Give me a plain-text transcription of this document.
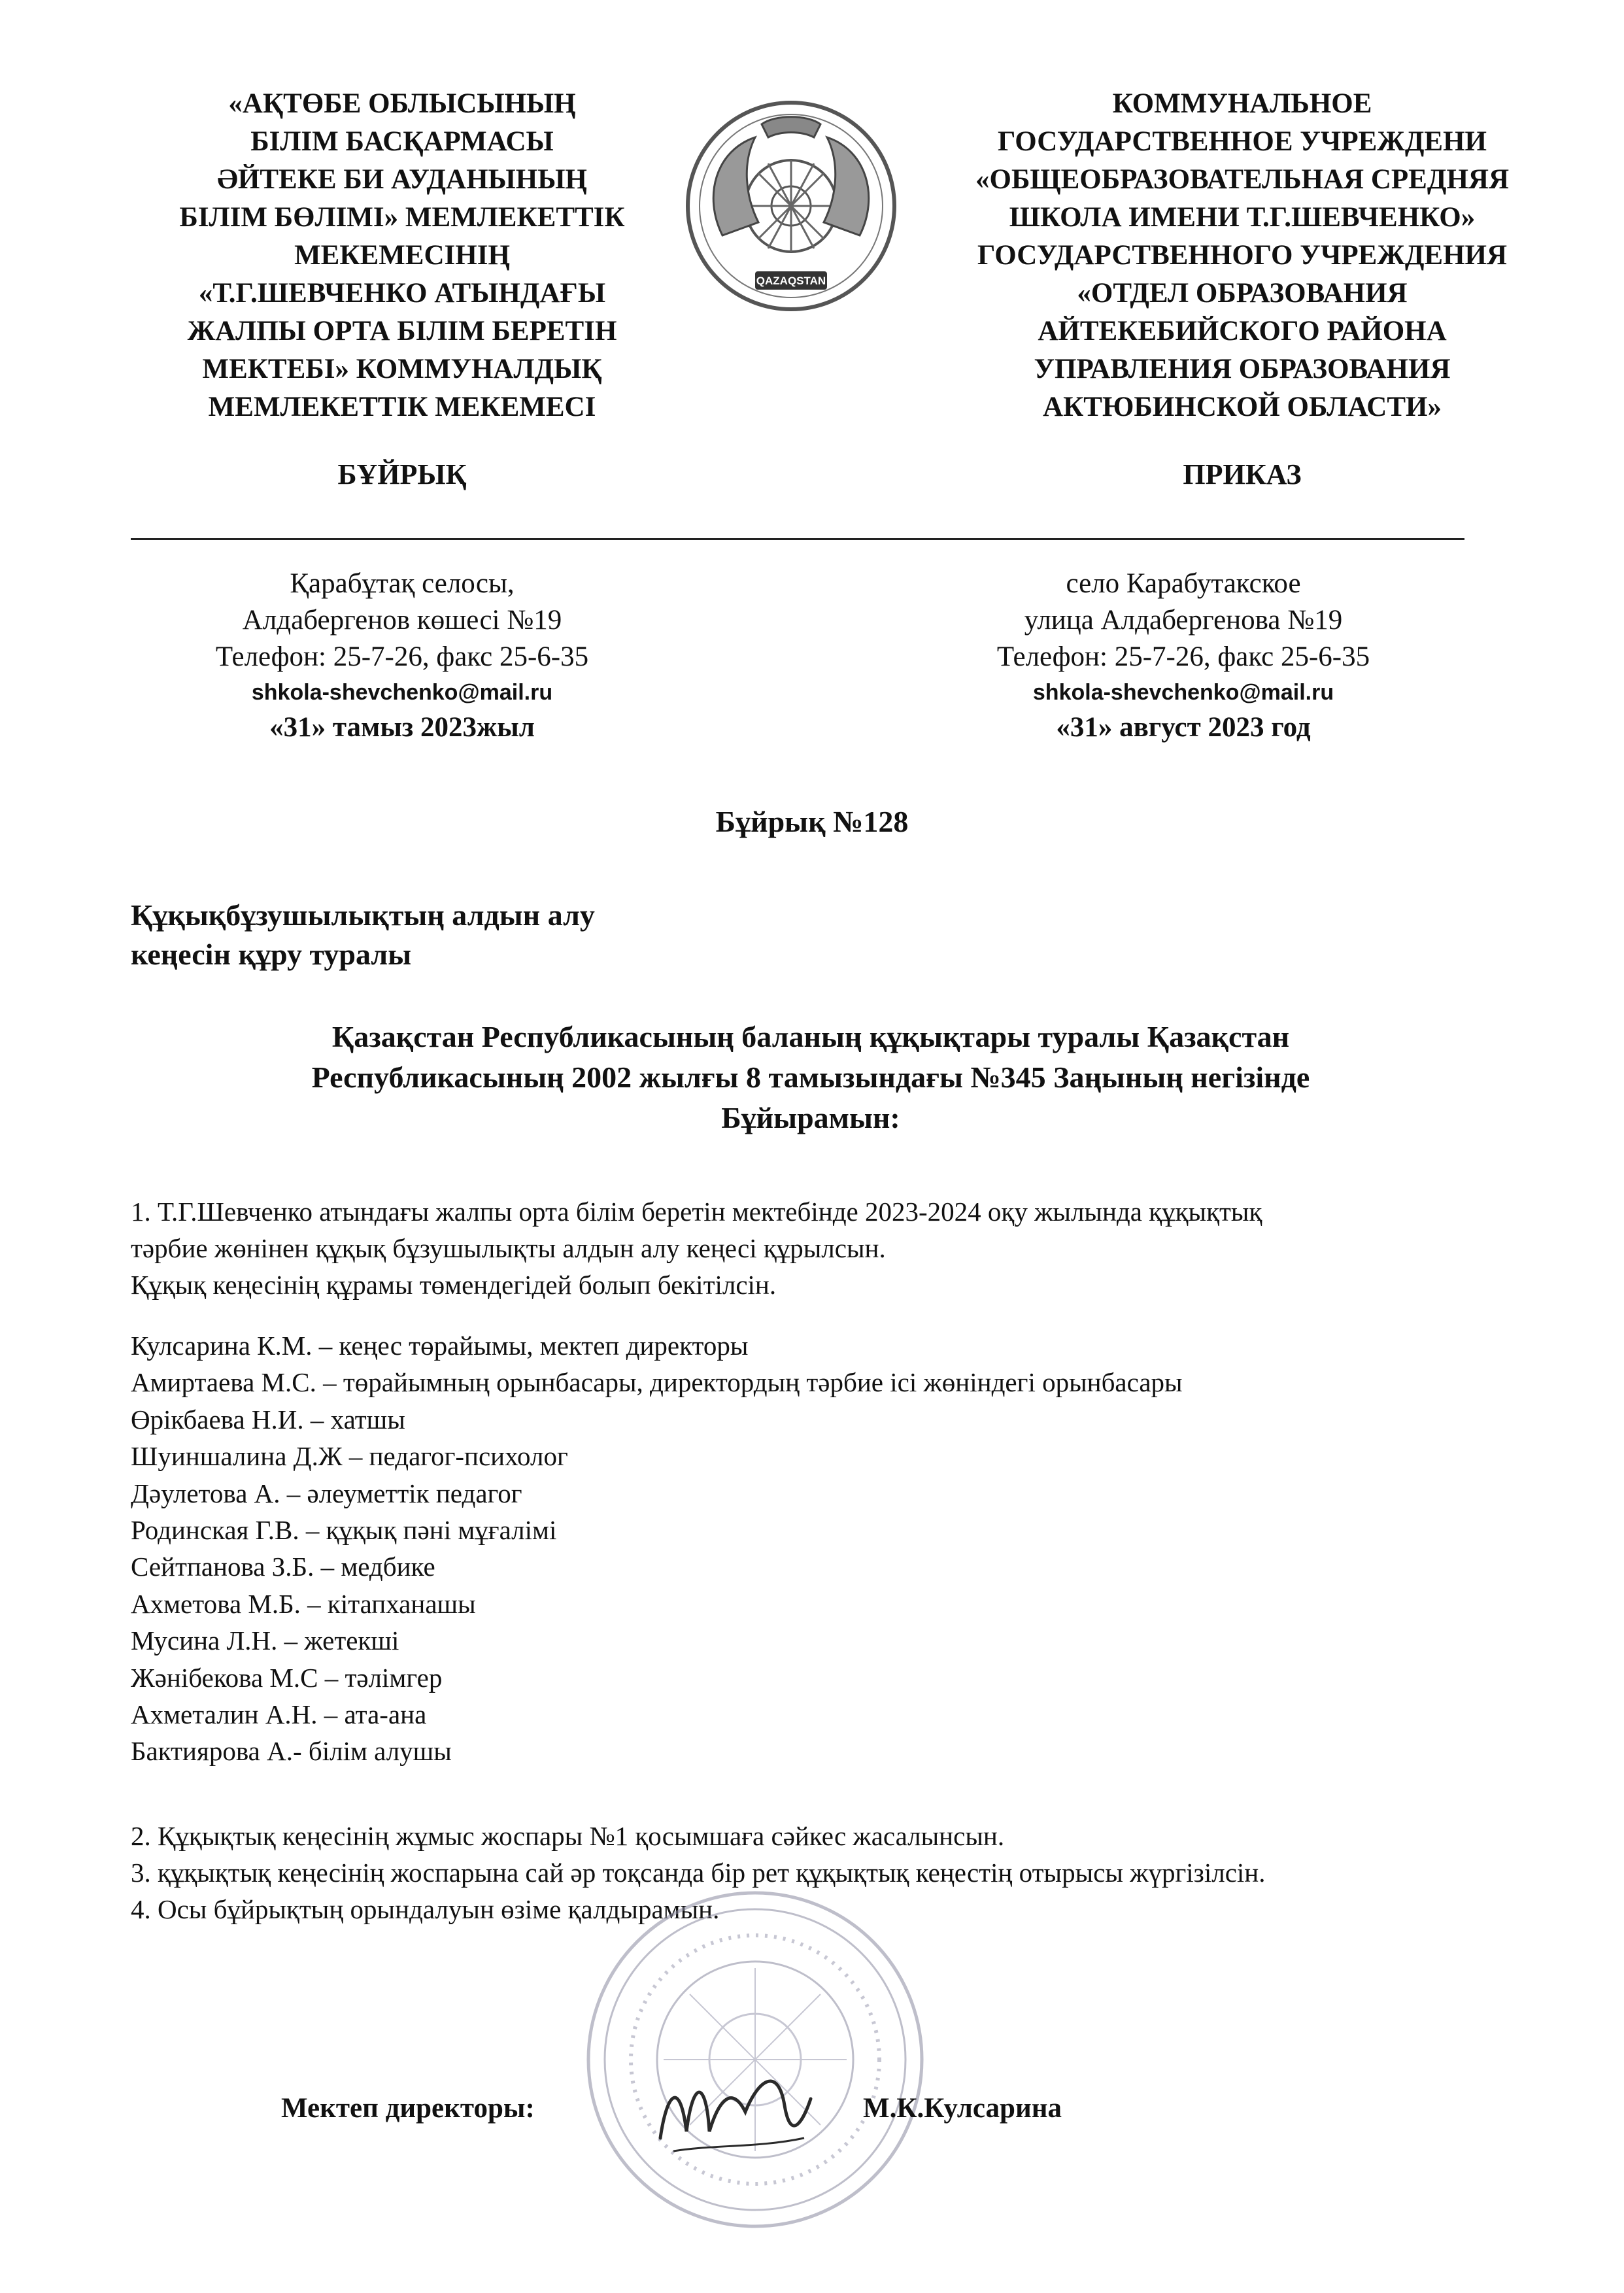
«АҚТӨБЕ ОБЛЫСЫНЫҢ
БІЛІМ БАСҚАРМАСЫ
ӘЙТЕКЕ БИ АУДАНЫНЫҢ
БІЛІМ БӨЛІМІ» МЕМЛЕКЕТТІК
МЕКЕМЕСІНІҢ
«Т.Г.ШЕВЧЕНКО АТЫНДАҒЫ
ЖАЛПЫ ОРТА БІЛІМ БЕРЕТІН
МЕКТЕБІ» КОММУНАЛДЫҚ
МЕМЛЕКЕТТІК МЕКЕМЕСІ
QAZAQSTAN
КОММУНАЛЬНОЕ
ГОСУДАРСТВЕННОЕ УЧРЕЖДЕНИ
«ОБЩЕОБРАЗОВАТЕЛЬНАЯ СРЕДНЯЯ
ШКОЛА ИМЕНИ Т.Г.ШЕВЧЕНКО»
ГОСУДАРСТВЕННОГО УЧРЕЖДЕНИЯ
«ОТДЕЛ ОБРАЗОВАНИЯ
АЙТЕКЕБИЙСКОГО РАЙОНА
УПРАВЛЕНИЯ ОБРАЗОВАНИЯ
АКТЮБИНСКОЙ ОБЛАСТИ»
БҰЙРЫҚ	ПРИКАЗ
Қарабұтақ селосы,
Алдабергенов көшесі №19
Телефон: 25-7-26, факс 25-6-35
shkola-shevchenko@mail.ru
«31» тамыз 2023жыл
село Карабутакское
улица Алдабергенова №19
Телефон: 25-7-26, факс 25-6-35
shkola-shevchenko@mail.ru
«31» август 2023 год
Бұйрық №128
Құқықбұзушылықтың алдын алу
кеңесін құру туралы
Қазақстан Республикасының баланың құқықтары туралы Қазақстан
Республикасының 2002 жылғы 8 тамызындағы №345 Заңының негізінде
Бұйырамын:
1. Т.Г.Шевченко атындағы жалпы орта білім беретін мектебінде 2023-2024 оқу жылында құқықтық
тәрбие жөнінен құқық бұзушылықты алдын алу кеңесі құрылсын.
Құқық кеңесінің құрамы төмендегідей болып бекітілсін.
Кулсарина К.М. – кеңес төрайымы, мектеп директоры
Амиртаева М.С. – төрайымның орынбасары, директордың тәрбие ісі жөніндегі орынбасары
Өрікбаева Н.И. – хатшы
Шуиншалина Д.Ж – педагог-психолог
Дәулетова А. – әлеуметтік педагог
Родинская Г.В. – құқық пәні мұғалімі
Сейтпанова З.Б. – медбике
Ахметова М.Б. – кітапханашы
Мусина Л.Н. – жетекші
Жәнібекова М.С – тәлімгер
Ахметалин А.Н. – ата-ана
Бактиярова А.- білім алушы
2. Құқықтық кеңесінің жұмыс жоспары №1 қосымшаға сәйкес жасалынсын.
3. құқықтық кеңесінің жоспарына сай әр тоқсанда бір рет құқықтық кеңестің отырысы жүргізілсін.
4. Осы бұйрықтың орындалуын өзіме қалдырамын.
Мектеп директоры:	М.К.Кулсарина
